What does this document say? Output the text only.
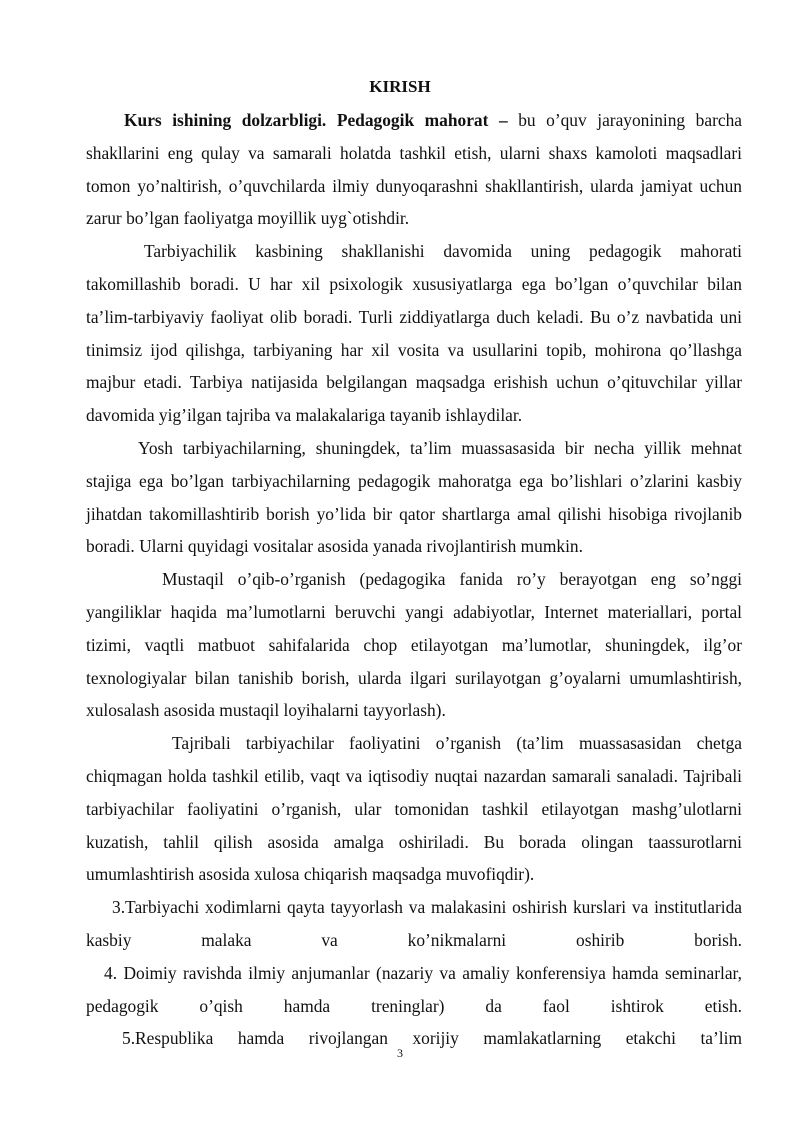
KIRISH

Kurs ishining dolzarbligi. Pedagogik mahorat – bu o’quv jarayonining barcha shakllarini eng qulay va samarali holatda tashkil etish, ularni shaxs kamoloti maqsadlari tomon yo’naltirish, o’quvchilarda ilmiy dunyoqarashni shakllantirish, ularda jamiyat uchun zarur bo’lgan faoliyatga moyillik uyg`otishdir.

Tarbiyachilik kasbining shakllanishi davomida uning pedagogik mahorati takomillashib boradi. U har xil psixologik xususiyatlarga ega bo’lgan o’quvchilar bilan ta’lim-tarbiyaviy faoliyat olib boradi. Turli ziddiyatlarga duch keladi. Bu o’z navbatida uni tinimsiz ijod qilishga, tarbiyaning har xil vosita va usullarini topib, mohirona qo’llashga majbur etadi. Tarbiya natijasida belgilangan maqsadga erishish uchun o’qituvchilar yillar davomida yig’ilgan tajriba va malakalariga tayanib ishlaydilar.

Yosh tarbiyachilarning, shuningdek, ta’lim muassasasida bir necha yillik mehnat stajiga ega bo’lgan tarbiyachilarning pedagogik mahoratga ega bo’lishlari o’zlarini kasbiy jihatdan takomillashtirib borish yo’lida bir qator shartlarga amal qilishi hisobiga rivojlanib boradi. Ularni quyidagi vositalar asosida yanada rivojlantirish mumkin.

Mustaqil o’qib-o’rganish (pedagogika fanida ro’y berayotgan eng so’nggi yangiliklar haqida ma’lumotlarni beruvchi yangi adabiyotlar, Internet materiallari, portal tizimi, vaqtli matbuot sahifalarida chop etilayotgan ma’lumotlar, shuningdek, ilg’or texnologiyalar bilan tanishib borish, ularda ilgari surilayotgan g’oyalarni umumlashtirish, xulosalash asosida mustaqil loyihalarni tayyorlash).

Tajribali tarbiyachilar faoliyatini o’rganish (ta’lim muassasasidan chetga chiqmagan holda tashkil etilib, vaqt va iqtisodiy nuqtai nazardan samarali sanaladi. Tajribali tarbiyachilar faoliyatini o’rganish, ular tomonidan tashkil etilayotgan mashg’ulotlarni kuzatish, tahlil qilish asosida amalga oshiriladi. Bu borada olingan taassurotlarni umumlashtirish asosida xulosa chiqarish maqsadga muvofiqdir).

3.Tarbiyachi xodimlarni qayta tayyorlash va malakasini oshirish kurslari va institutlarida kasbiy malaka va ko’nikmalarni oshirib borish.

4. Doimiy ravishda ilmiy anjumanlar (nazariy va amaliy konferensiya hamda seminarlar, pedagogik o’qish hamda treninglar) da faol ishtirok etish.

5.Respublika hamda rivojlangan xorijiy mamlakatlarning etakchi ta’lim

3
